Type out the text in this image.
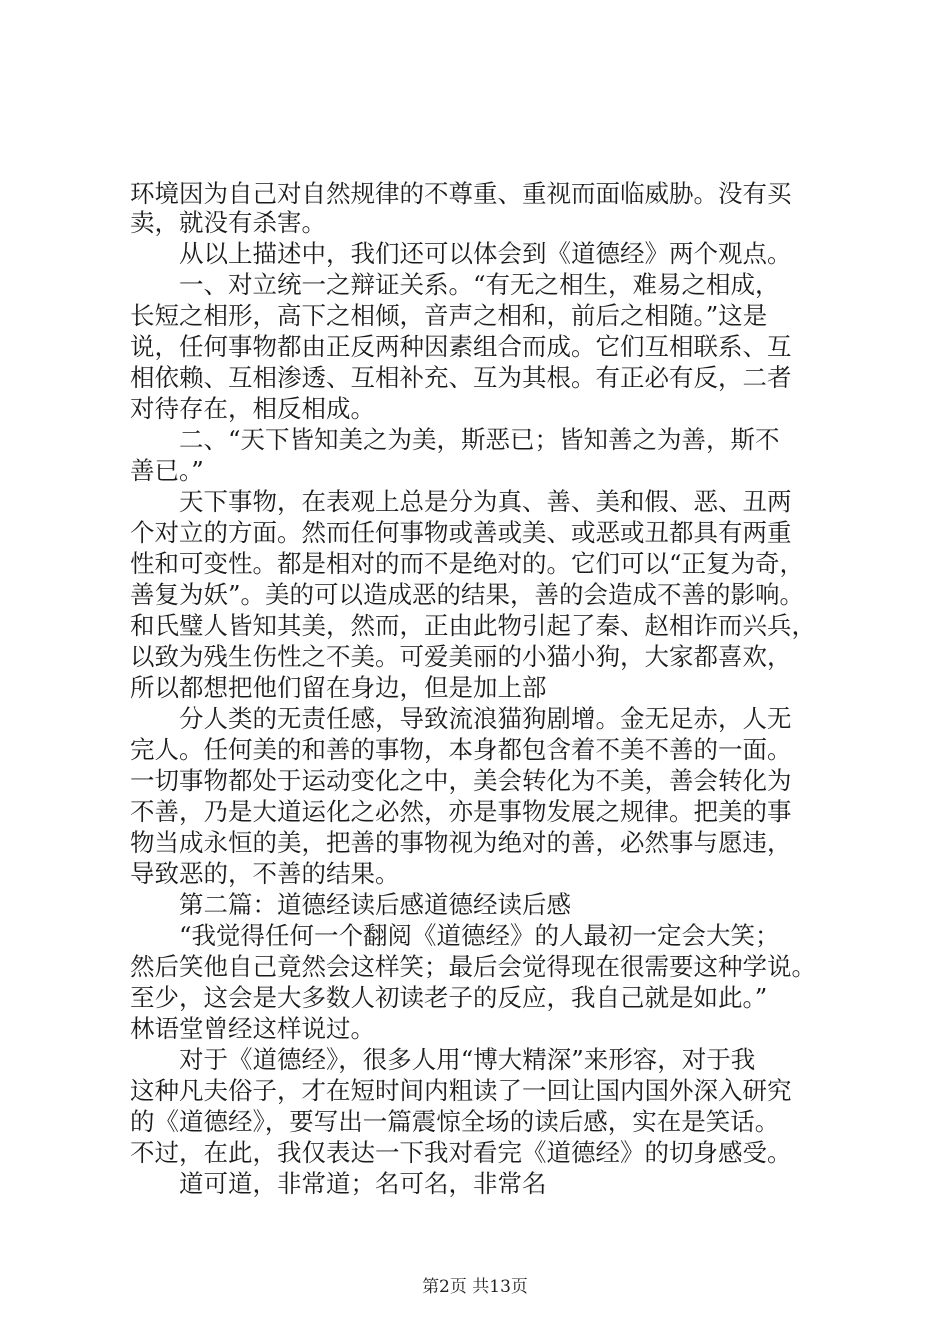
环境因为自己对自然规律的不尊重、重视而面临威胁。没有买
卖，就没有杀害。
　　从以上描述中，我们还可以体会到《道德经》两个观点。
　　一、对立统一之辩证关系。“有无之相生，难易之相成，
长短之相形，高下之相倾，音声之相和，前后之相随。”这是
说，任何事物都由正反两种因素组合而成。它们互相联系、互
相依赖、互相渗透、互相补充、互为其根。有正必有反，二者
对待存在，相反相成。
　　二、“天下皆知美之为美，斯恶已；皆知善之为善，斯不
善已。”
　　天下事物，在表观上总是分为真、善、美和假、恶、丑两
个对立的方面。然而任何事物或善或美、或恶或丑都具有两重
性和可变性。都是相对的而不是绝对的。它们可以“正复为奇，
善复为妖”。美的可以造成恶的结果，善的会造成不善的影响。
和氏璧人皆知其美，然而，正由此物引起了秦、赵相诈而兴兵，
以致为残生伤性之不美。可爱美丽的小猫小狗，大家都喜欢，
所以都想把他们留在身边，但是加上部
　　分人类的无责任感，导致流浪猫狗剧增。金无足赤，人无
完人。任何美的和善的事物，本身都包含着不美不善的一面。
一切事物都处于运动变化之中，美会转化为不美，善会转化为
不善，乃是大道运化之必然，亦是事物发展之规律。把美的事
物当成永恒的美，把善的事物视为绝对的善，必然事与愿违，
导致恶的，不善的结果。
　　第二篇：道德经读后感道德经读后感
　　“我觉得任何一个翻阅《道德经》的人最初一定会大笑；
然后笑他自己竟然会这样笑；最后会觉得现在很需要这种学说。
至少，这会是大多数人初读老子的反应，我自己就是如此。”
林语堂曾经这样说过。
　　对于《道德经》，很多人用“博大精深”来形容，对于我
这种凡夫俗子，才在短时间内粗读了一回让国内国外深入研究
的《道德经》，要写出一篇震惊全场的读后感，实在是笑话。
不过，在此，我仅表达一下我对看完《道德经》的切身感受。
　　道可道，非常道；名可名，非常名
第2页 共13页
